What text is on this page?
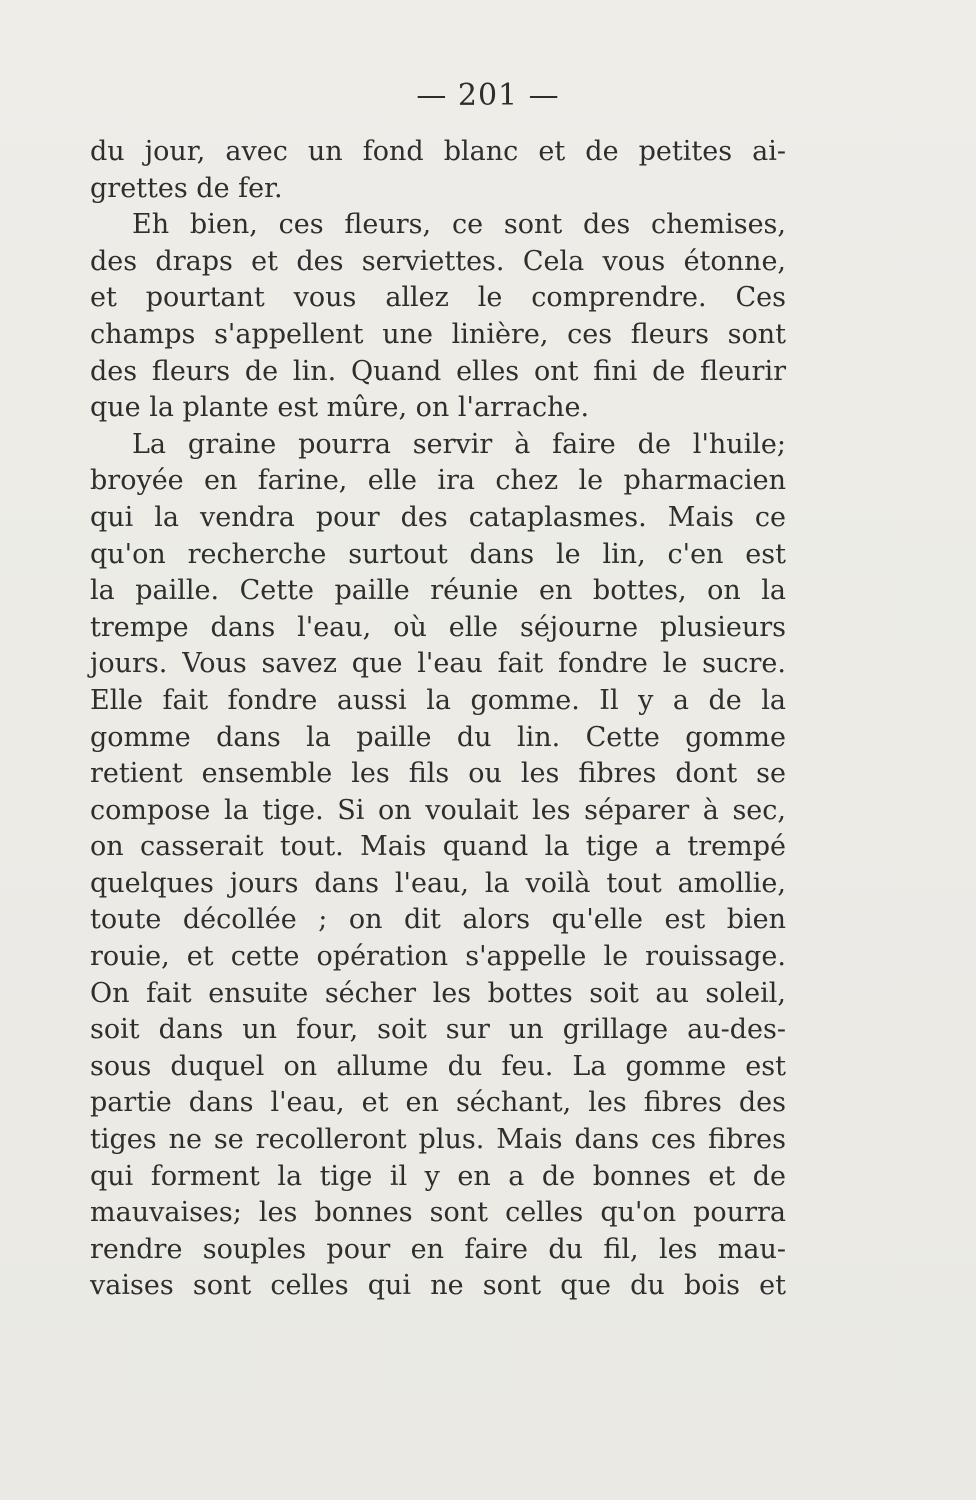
— 201 —
du jour, avec un fond blanc et de petites ai-
grettes de fer.
Eh bien, ces fleurs, ce sont des chemises,
des draps et des serviettes. Cela vous étonne,
et pourtant vous allez le comprendre. Ces
champs s'appellent une linière, ces fleurs sont
des fleurs de lin. Quand elles ont fini de fleurir
que la plante est mûre, on l'arrache.
La graine pourra servir à faire de l'huile;
broyée en farine, elle ira chez le pharmacien
qui la vendra pour des cataplasmes. Mais ce
qu'on recherche surtout dans le lin, c'en est
la paille. Cette paille réunie en bottes, on la
trempe dans l'eau, où elle séjourne plusieurs
jours. Vous savez que l'eau fait fondre le sucre.
Elle fait fondre aussi la gomme. Il y a de la
gomme dans la paille du lin. Cette gomme
retient ensemble les fils ou les fibres dont se
compose la tige. Si on voulait les séparer à sec,
on casserait tout. Mais quand la tige a trempé
quelques jours dans l'eau, la voilà tout amollie,
toute décollée ; on dit alors qu'elle est bien
rouie, et cette opération s'appelle le rouissage.
On fait ensuite sécher les bottes soit au soleil,
soit dans un four, soit sur un grillage au-des-
sous duquel on allume du feu. La gomme est
partie dans l'eau, et en séchant, les fibres des
tiges ne se recolleront plus. Mais dans ces fibres
qui forment la tige il y en a de bonnes et de
mauvaises; les bonnes sont celles qu'on pourra
rendre souples pour en faire du fil, les mau-
vaises sont celles qui ne sont que du bois et
